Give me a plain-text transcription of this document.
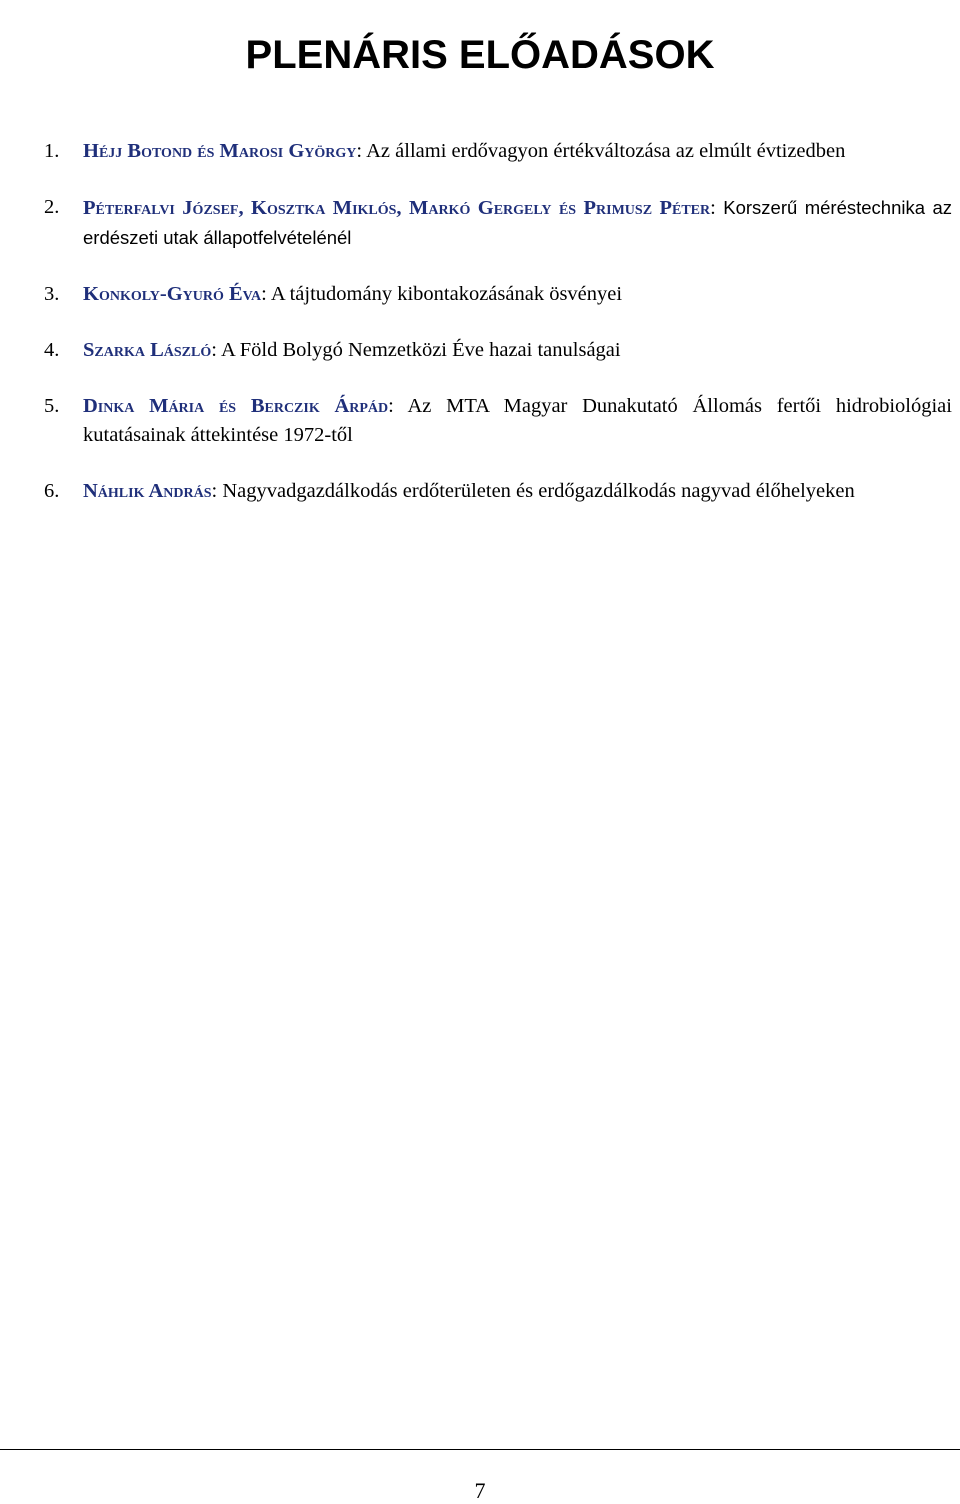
PLENÁRIS ELŐADÁSOK
1.	Héjj Botond és Marosi György: Az állami erdővagyon értékváltozása az elmúlt évtizedben
2.	Péterfalvi József, Kosztka Miklós, Markó Gergely és Primusz Péter: Korszerű méréstechnika az erdészeti utak állapotfelvételénél
3.	Konkoly-Gyuró Éva: A tájtudomány kibontakozásának ösvényei
4.	Szarka László: A Föld Bolygó Nemzetközi Éve hazai tanulságai
5.	Dinka Mária és Berczik Árpád: Az MTA Magyar Dunakutató Állomás fertői hidrobiológiai kutatásainak áttekintése 1972-től
6.	Náhlik András: Nagyvadgazdálkodás erdőterületen és erdőgazdálkodás nagyvad élőhelyeken
7
